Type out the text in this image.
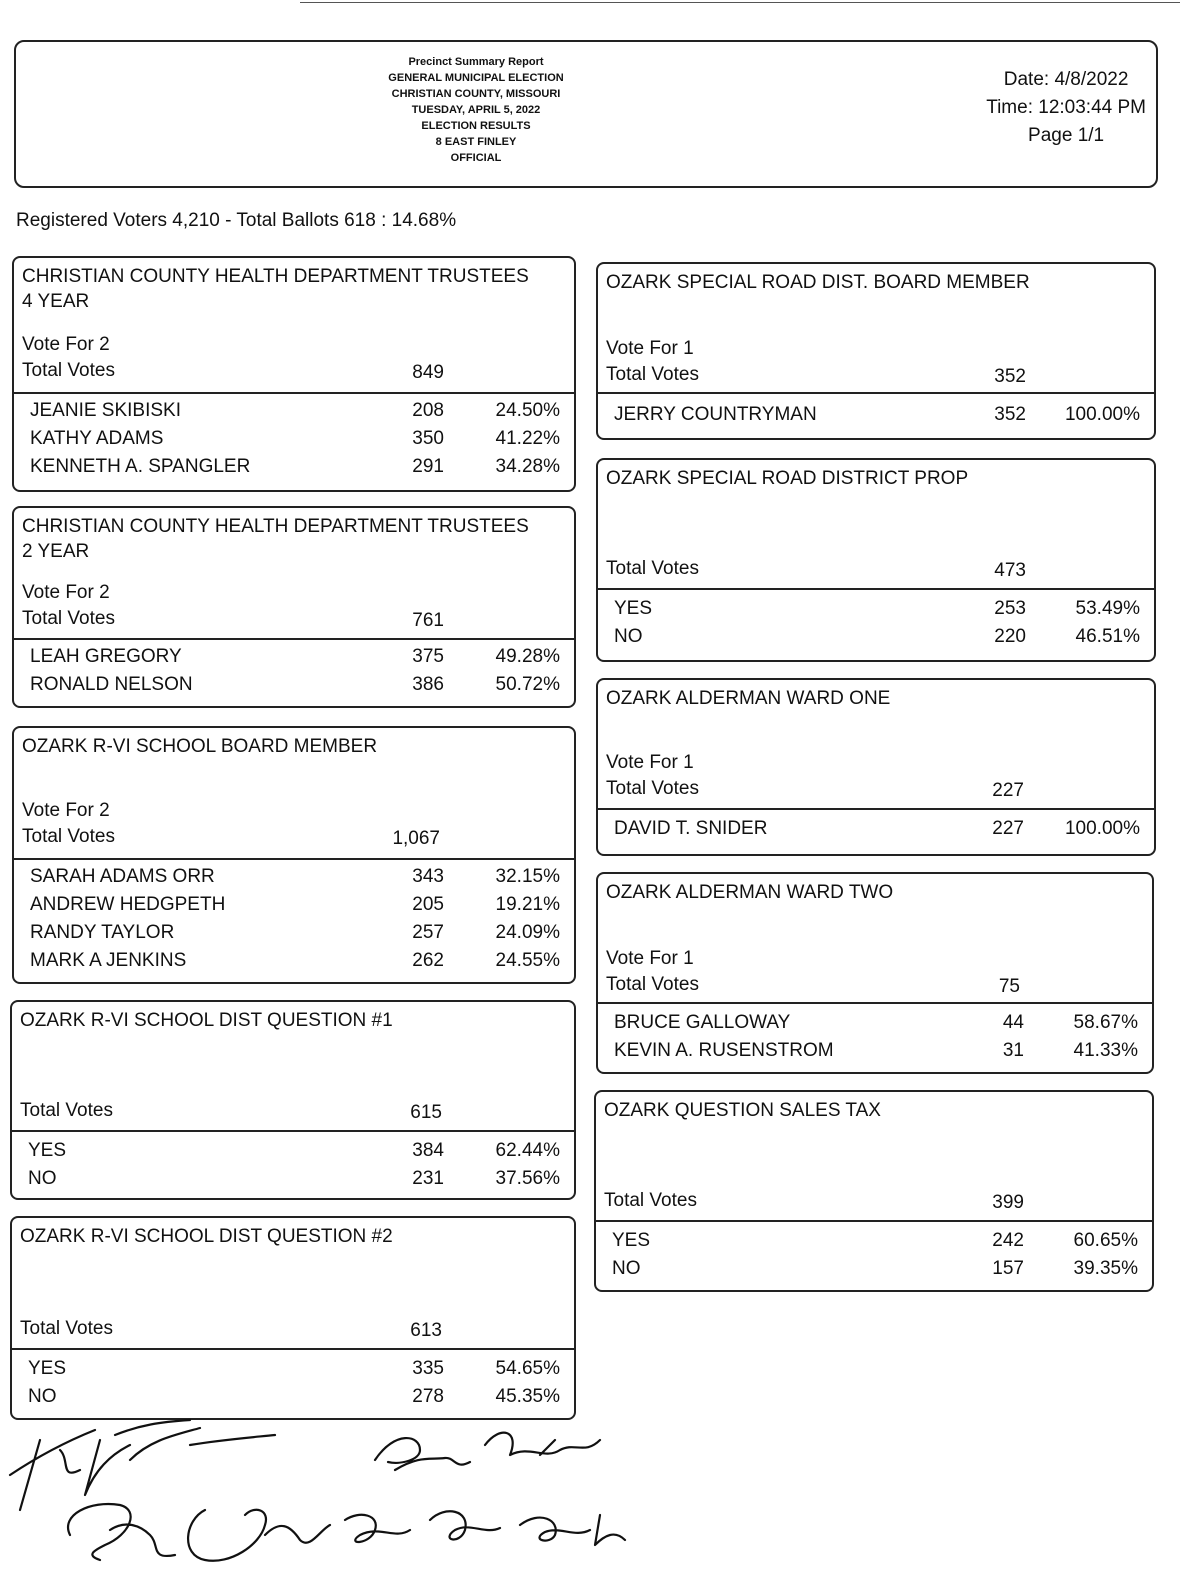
Precinct Summary Report
GENERAL MUNICIPAL ELECTION
CHRISTIAN COUNTY, MISSOURI
TUESDAY, APRIL 5, 2022
ELECTION RESULTS
8 EAST FINLEY
OFFICIAL
Date: 4/8/2022
Time: 12:03:44 PM
Page 1/1
Registered Voters 4,210 - Total Ballots 618 : 14.68%
CHRISTIAN COUNTY HEALTH DEPARTMENT TRUSTEES
4 YEAR
Vote For 2
Total Votes	849
JEANIE SKIBISKI	208	24.50%
KATHY ADAMS	350	41.22%
KENNETH A. SPANGLER	291	34.28%
CHRISTIAN COUNTY HEALTH DEPARTMENT TRUSTEES
2 YEAR
Vote For 2
Total Votes	761
LEAH GREGORY	375	49.28%
RONALD NELSON	386	50.72%
OZARK R-VI SCHOOL BOARD MEMBER
Vote For 2
Total Votes	1,067
SARAH ADAMS ORR	343	32.15%
ANDREW HEDGPETH	205	19.21%
RANDY TAYLOR	257	24.09%
MARK A JENKINS	262	24.55%
OZARK R-VI SCHOOL DIST QUESTION #1
Total Votes	615
YES	384	62.44%
NO	231	37.56%
OZARK R-VI SCHOOL DIST QUESTION #2
Total Votes	613
YES	335	54.65%
NO	278	45.35%
OZARK SPECIAL ROAD DIST. BOARD MEMBER
Vote For 1
Total Votes	352
JERRY COUNTRYMAN	352 100.00%
OZARK SPECIAL ROAD DISTRICT PROP
Total Votes	473
YES	253	53.49%
NO	220	46.51%
OZARK ALDERMAN WARD ONE
Vote For 1
Total Votes	227
DAVID T. SNIDER	227 100.00%
OZARK ALDERMAN WARD TWO
Vote For 1
Total Votes	75
BRUCE GALLOWAY	44	58.67%
KEVIN A. RUSENSTROM	31	41.33%
OZARK QUESTION SALES TAX
Total Votes	399
YES	242	60.65%
NO	157	39.35%
